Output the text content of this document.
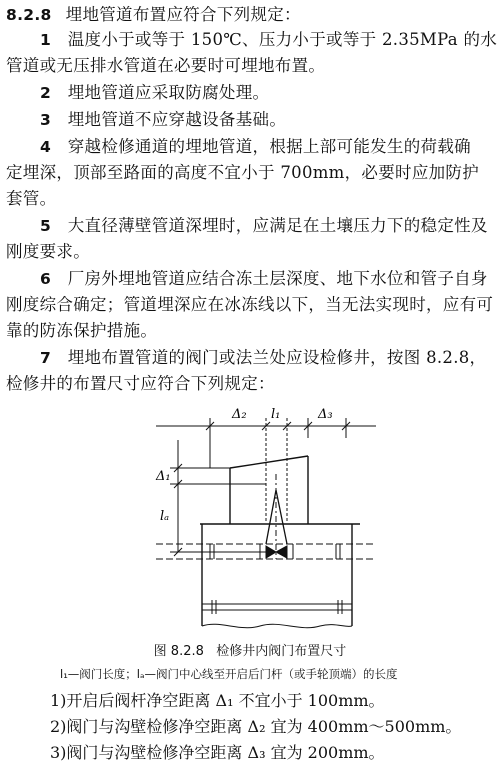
8.2.8 埋地管道布置应符合下列规定：
1 温度小于或等于 150℃、压力小于或等于 2.35MPa 的水
管道或无压排水管道在必要时可埋地布置。
2 埋地管道应采取防腐处理。
3 埋地管道不应穿越设备基础。
4 穿越检修通道的埋地管道，根据上部可能发生的荷载确
定埋深，顶部至路面的高度不宜小于 700mm，必要时应加防护
套管。
5 大直径薄壁管道深埋时，应满足在土壤压力下的稳定性及
刚度要求。
6 厂房外埋地管道应结合冻土层深度、地下水位和管子自身
刚度综合确定；管道埋深应在冰冻线以下，当无法实现时，应有可
靠的防冻保护措施。
7 埋地布置管道的阀门或法兰处应设检修井，按图 8.2.8，
检修井的布置尺寸应符合下列规定：
Δ₂ l₁	Δ₃
Δ₁
lₐ
图 8.2.8 检修井内阀门布置尺寸
l₁—阀门长度；lₐ—阀门中心线至开启后门杆（或手轮顶端）的长度
1)开启后阀杆净空距离 Δ₁ 不宜小于 100mm。
2)阀门与沟壁检修净空距离 Δ₂ 宜为 400mm～500mm。
3)阀门与沟壁检修净空距离 Δ₃ 宜为 200mm。
